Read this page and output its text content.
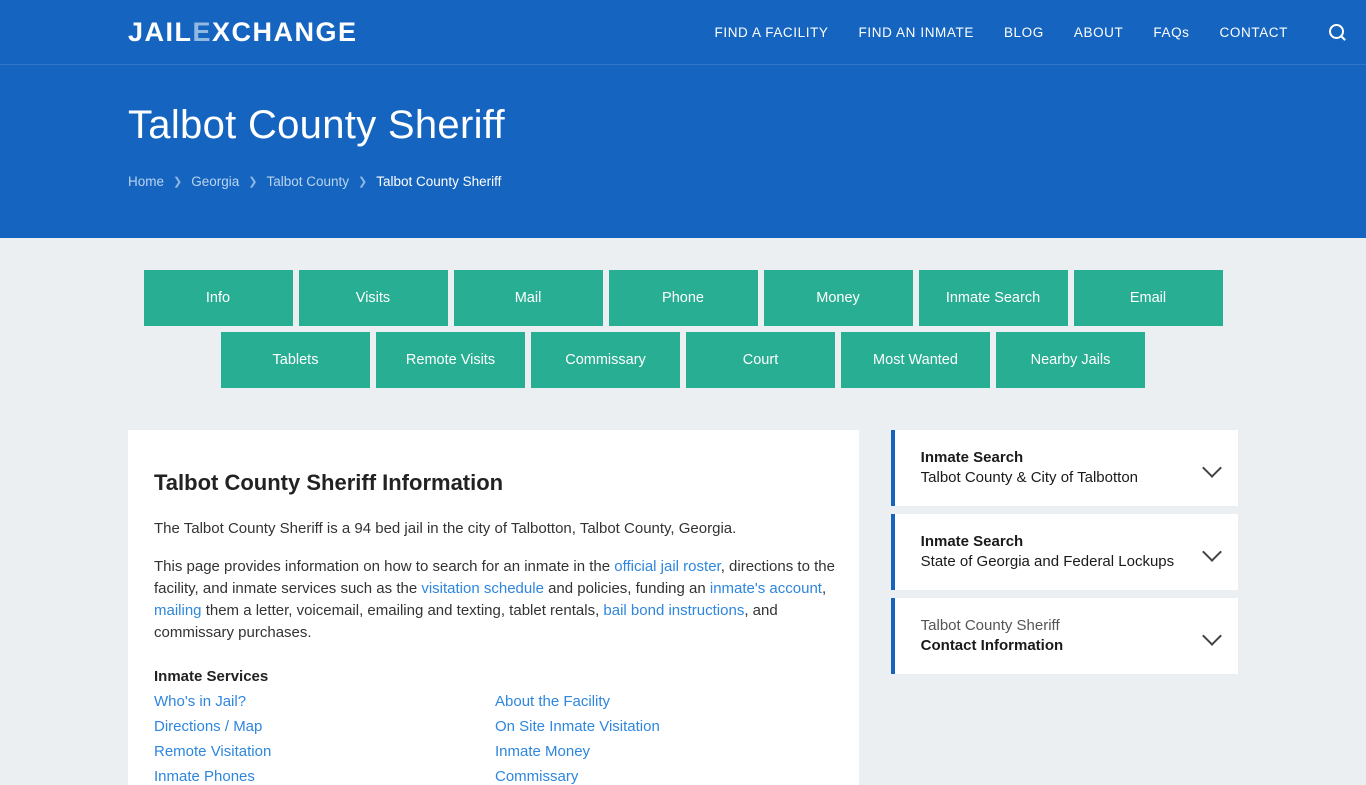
JAILEXCHANGE	FIND A FACILITY FIND AN INMATE BLOG ABOUT FAQs CONTACT
Talbot County Sheriff
Home ❯ Georgia ❯ Talbot County ❯ Talbot County Sheriff
Info	Visits	Mail	Phone	Money	Inmate Search	Email
Tablets	Remote Visits	Commissary	Court	Most Wanted	Nearby Jails
Talbot County Sheriff Information

The Talbot County Sheriff is a 94 bed jail in the city of Talbotton, Talbot County, Georgia.

This page provides information on how to search for an inmate in the official jail roster, directions to the facility, and inmate services such as the visitation schedule and policies, funding an inmate's account, mailing them a letter, voicemail, emailing and texting, tablet rentals, bail bond instructions, and commissary purchases.

Inmate Services
Who's in Jail?
Directions / Map
Remote Visitation
Inmate Phones
About the Facility
On Site Inmate Visitation
Inmate Money
Commissary
Inmate Search
Talbot County & City of Talbotton
Inmate Search
State of Georgia and Federal Lockups
Talbot County Sheriff
Contact Information
